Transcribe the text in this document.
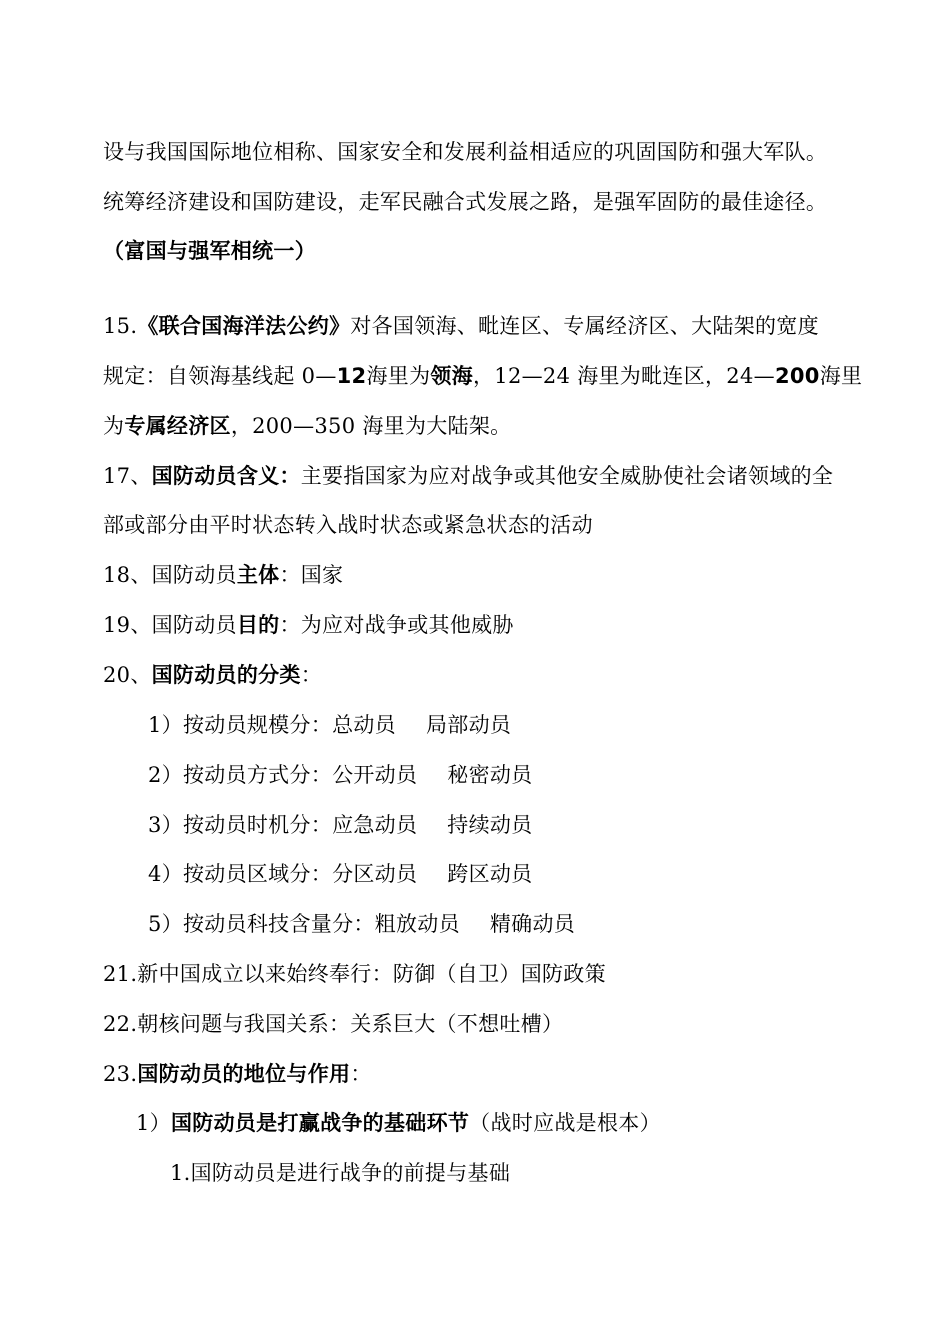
设与我国国际地位相称、国家安全和发展利益相适应的巩固国防和强大军队。
统筹经济建设和国防建设，走军民融合式发展之路，是强军固防的最佳途径。
（富国与强军相统一）
15.《联合国海洋法公约》对各国领海、毗连区、专属经济区、大陆架的宽度
规定：自领海基线起 0—12海里为领海，12—24 海里为毗连区，24—200海里
为专属经济区，200—350 海里为大陆架。
17、国防动员含义：主要指国家为应对战争或其他安全威胁使社会诸领域的全
部或部分由平时状态转入战时状态或紧急状态的活动
18、国防动员主体：国家
19、国防动员目的：为应对战争或其他威胁
20、国防动员的分类：
1）按动员规模分：总动员 局部动员
2）按动员方式分：公开动员 秘密动员
3）按动员时机分：应急动员 持续动员
4）按动员区域分：分区动员 跨区动员
5）按动员科技含量分：粗放动员 精确动员
21.新中国成立以来始终奉行：防御（自卫）国防政策
22.朝核问题与我国关系：关系巨大（不想吐槽）
23.国防动员的地位与作用：
1）国防动员是打赢战争的基础环节（战时应战是根本）
1.国防动员是进行战争的前提与基础
